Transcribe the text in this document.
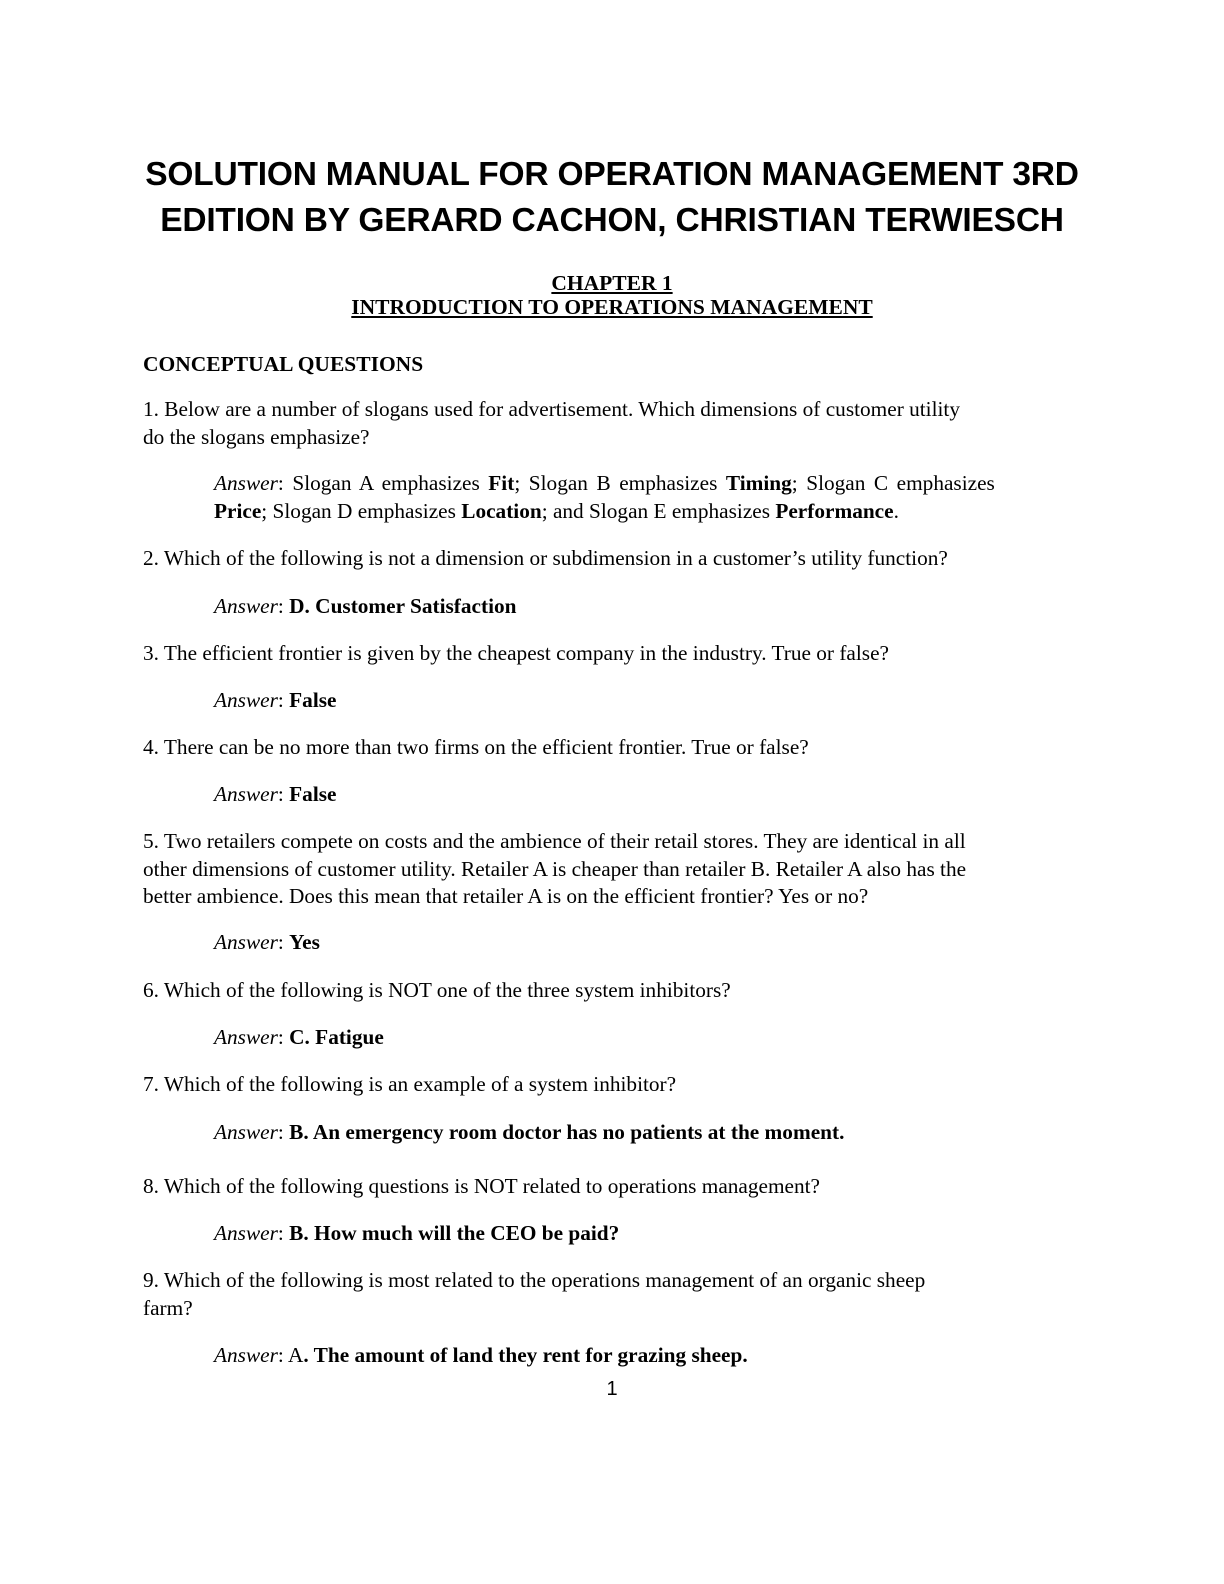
SOLUTION MANUAL FOR OPERATION MANAGEMENT 3RD
EDITION BY GERARD CACHON, CHRISTIAN TERWIESCH
CHAPTER 1
INTRODUCTION TO OPERATIONS MANAGEMENT
CONCEPTUAL QUESTIONS
1. Below are a number of slogans used for advertisement. Which dimensions of customer utility
do the slogans emphasize?
Answer: Slogan A emphasizes Fit; Slogan B emphasizes Timing; Slogan C emphasizes
Price; Slogan D emphasizes Location; and Slogan E emphasizes Performance.
2. Which of the following is not a dimension or subdimension in a customer’s utility function?
Answer: D. Customer Satisfaction
3. The efficient frontier is given by the cheapest company in the industry. True or false?
Answer: False
4. There can be no more than two firms on the efficient frontier. True or false?
Answer: False
5. Two retailers compete on costs and the ambience of their retail stores. They are identical in all
other dimensions of customer utility. Retailer A is cheaper than retailer B. Retailer A also has the
better ambience. Does this mean that retailer A is on the efficient frontier? Yes or no?
Answer: Yes
6. Which of the following is NOT one of the three system inhibitors?
Answer: C. Fatigue
7. Which of the following is an example of a system inhibitor?
Answer: B. An emergency room doctor has no patients at the moment.
8. Which of the following questions is NOT related to operations management?
Answer: B. How much will the CEO be paid?
9. Which of the following is most related to the operations management of an organic sheep
farm?
Answer: A. The amount of land they rent for grazing sheep.
1
